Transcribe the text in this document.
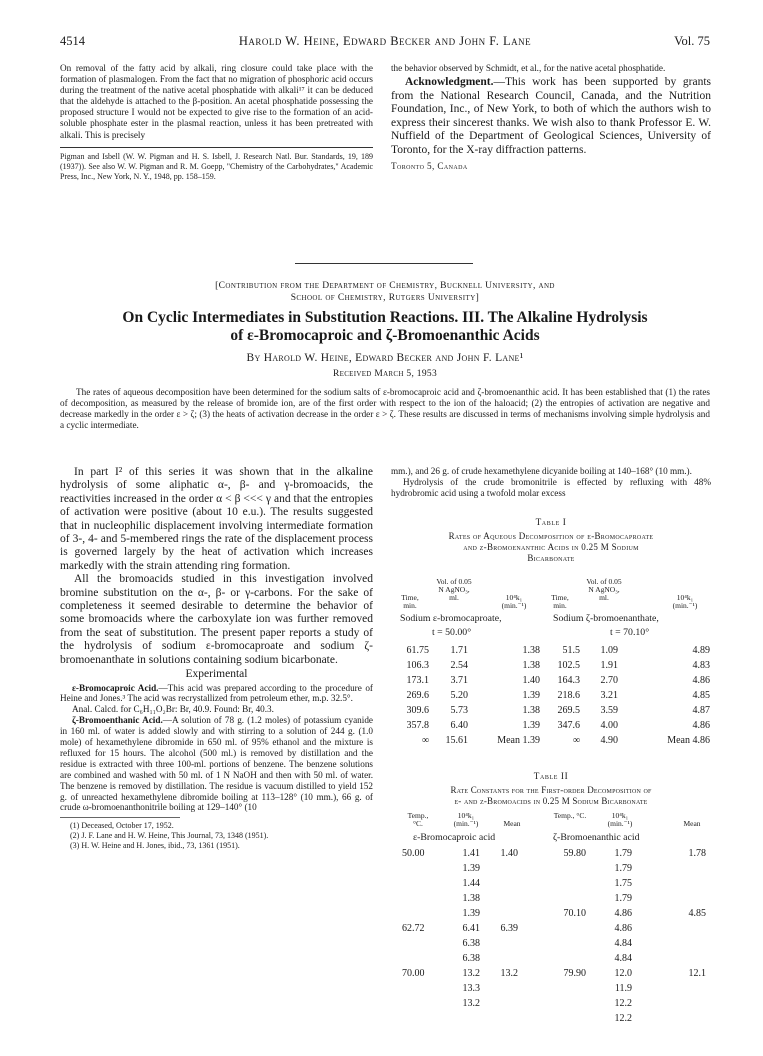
4514	Harold W. Heine, Edward Becker and John F. Lane	Vol. 75

On removal of the fatty acid by alkali, ring closure could take place with the formation of plasmalogen. From the fact that no migration of phosphoric acid occurs during the treatment of the native acetal phosphatide with alkali¹⁷ it can be deduced that the aldehyde is attached to the β-position. An acetal phosphatide possessing the proposed structure I would not be expected to give rise to the formation of an acid-soluble phosphate ester in the plasmal reaction, unless it has been pretreated with alkali. This is precisely

Pigman and Isbell (W. W. Pigman and H. S. Isbell, J. Research Natl. Bur. Standards, 19, 189 (1937)). See also W. W. Pigman and R. M. Goepp, "Chemistry of the Carbohydrates," Academic Press, Inc., New York, N. Y., 1948, pp. 158–159.

the behavior observed by Schmidt, et al., for the native acetal phosphatide.

Acknowledgment.—This work has been supported by grants from the National Research Council, Canada, and the Nutrition Foundation, Inc., of New York, to both of which the authors wish to express their sincerest thanks. We wish also to thank Professor E. W. Nuffield of the Department of Geological Sciences, University of Toronto, for the X-ray diffraction patterns.

Toronto 5, Canada

[Contribution from the Department of Chemistry, Bucknell University, and
School of Chemistry, Rutgers University]
On Cyclic Intermediates in Substitution Reactions. III. The Alkaline Hydrolysis
of ε-Bromocaproic and ζ-Bromoenanthic Acids
By Harold W. Heine, Edward Becker and John F. Lane¹
Received March 5, 1953
The rates of aqueous decomposition have been determined for the sodium salts of ε-bromocaproic acid and ζ-bromoenanthic acid. It has been established that (1) the rates of decomposition, as measured by the release of bromide ion, are of the first order with respect to the ion of the haloacid; (2) the entropies of activation are negative and decrease markedly in the order ε > ζ; (3) the heats of activation decrease in the order ε > ζ. These results are discussed in terms of mechanisms involving simple hydrolysis and a cyclic intermediate.

In part I² of this series it was shown that in the alkaline hydrolysis of some aliphatic α-, β- and γ-bromoacids, the reactivities increased in the order α < β <<< γ and that the entropies of activation were positive (about 10 e.u.). The results suggested that in nucleophilic displacement involving intermediate formation of 3-, 4- and 5-membered rings the rate of the displacement process is governed largely by the heat of activation which increases markedly with the strain attending ring formation.

All the bromoacids studied in this investigation involved bromine substitution on the α-, β- or γ-carbons. For the sake of completeness it seemed desirable to determine the behavior of some bromoacids where the carboxylate ion was further removed from the seat of substitution. The present paper reports a study of the hydrolysis of sodium ε-bromocaproate and sodium ζ-bromoenanthate in solutions containing sodium bicarbonate.

Experimental

ε-Bromocaproic Acid.—This acid was prepared according to the procedure of Heine and Jones.³ The acid was recrystallized from petroleum ether, m.p. 32.5°.

Anal. Calcd. for C₆H₁₁O₂Br: Br, 40.9. Found: Br, 40.3.

ζ-Bromoenthanic Acid.—A solution of 78 g. (1.2 moles) of potassium cyanide in 160 ml. of water is added slowly and with stirring to a solution of 244 g. (1.0 mole) of hexamethylene dibromide in 650 ml. of 95% ethanol and the mixture is refluxed for 15 hours. The alcohol (500 ml.) is removed by distillation and the residue is extracted with three 100-ml. portions of benzene. The benzene solutions are combined and washed with 50 ml. of 1 N NaOH and then with 50 ml. of water. The benzene is removed by distillation. The residue is vacuum distilled to yield 152 g. of unreacted hexamethylene dibromide boiling at 113–128° (10 mm.), 66 g. of crude ω-bromoenanthonitrile boiling at 129–140° (10

(1) Deceased, October 17, 1952.
(2) J. F. Lane and H. W. Heine, This Journal, 73, 1348 (1951).
(3) H. W. Heine and H. Jones, ibid., 73, 1361 (1951).

mm.), and 26 g. of crude hexamethylene dicyanide boiling at 140–168° (10 mm.).

Hydrolysis of the crude bromonitrile is effected by refluxing with 48% hydrobromic acid using a twofold molar excess

Table I
Rates of Aqueous Decomposition of ε-Bromocaproate
and ζ-Bromoenanthic Acids in 0.25 M Sodium
Bicarbonate
Time, min.
Vol. of 0.05 N AgNO₃, ml.	10⁴k₁ (min.⁻¹)
Time, min.
Vol. of 0.05 N AgNO₃, ml.	10⁴k₁ (min.⁻¹)
Sodium ε-bromocaproate,
t = 50.00°
Sodium ζ-bromoenanthate,
t = 70.10°
61.75	1.71	1.38
106.3	2.54	1.38
173.1	3.71	1.40
269.6	5.20	1.39
309.6	5.73	1.38
357.8	6.40	1.39
∞	15.61	Mean 1.39
51.5	1.09	4.89
102.5	1.91	4.83
164.3	2.70	4.86
218.6	3.21	4.85
269.5	3.59	4.87
347.6	4.00	4.86
∞	4.90	Mean 4.86
Table II
Rate Constants for the First-order Decomposition of
ε- and ζ-Bromoacids in 0.25 M Sodium Bicarbonate
Temp., °C.
10⁴k₁ (min.⁻¹)	Mean
Temp., °C.	10⁴k₁ (min.⁻¹)	Mean
ε-Bromocaproic acid	ζ-Bromoenanthic acid
50.00	1.41	1.40
1.39
1.44
1.38
1.39
62.72	6.41	6.39
6.38
6.38
70.00	13.2	13.2
13.3
13.2
59.80	1.79	1.78
1.79
1.75
1.79
70.10	4.86	4.85
4.86
4.84
4.84
79.90	12.0	12.1
11.9
12.2
12.2
